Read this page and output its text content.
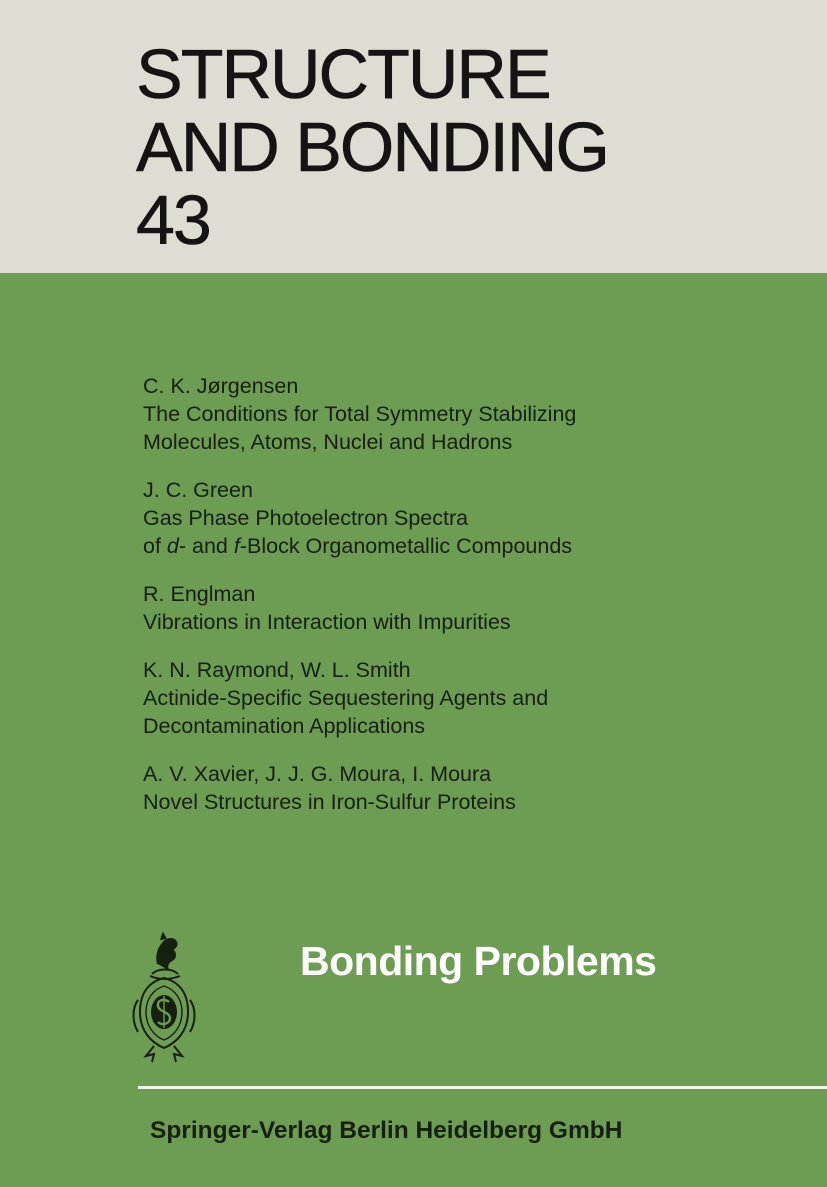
STRUCTURE
AND BONDING
43
C. K. Jørgensen
The Conditions for Total Symmetry Stabilizing
Molecules, Atoms, Nuclei and Hadrons
J. C. Green
Gas Phase Photoelectron Spectra
of d- and f-Block Organometallic Compounds
R. Englman
Vibrations in Interaction with Impurities
K. N. Raymond, W. L. Smith
Actinide-Specific Sequestering Agents and
Decontamination Applications
A. V. Xavier, J. J. G. Moura, I. Moura
Novel Structures in Iron-Sulfur Proteins
Bonding Problems

Springer-Verlag Berlin Heidelberg GmbH
